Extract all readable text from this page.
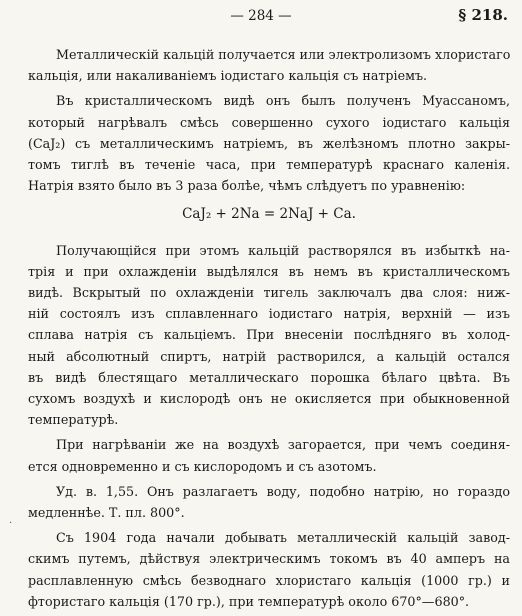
— 284 —	§ 218.
Металлическій кальцій получается или электролизомъ хлористаго
кальція, или накаливаніемъ іодистаго кальція съ натріемъ.
Въ кристаллическомъ видѣ онъ былъ полученъ Муассаномъ,
который нагрѣвалъ смѣсь совершенно сухого іодистаго кальція
(CaJ₂) съ металлическимъ натріемъ, въ желѣзномъ плотно закры-
томъ тиглѣ въ теченіе часа, при температурѣ краснаго каленія.
Натрія взято было въ 3 раза болѣе, чѣмъ слѣдуетъ по уравненію:
CaJ₂ + 2Na = 2NaJ + Ca.
Получающійся при этомъ кальцій растворялся въ избыткѣ на-
трія и при охлажденіи выдѣлялся въ немъ въ кристаллическомъ
видѣ. Вскрытый по охлажденіи тигель заключалъ два слоя: ниж-
ній состоялъ изъ сплавленнаго іодистаго натрія, верхній — изъ
сплава натрія съ кальціемъ. При внесеніи послѣдняго въ холод-
ный абсолютный спиртъ, натрій растворился, а кальцій остался
въ видѣ блестящаго металлическаго порошка бѣлаго цвѣта. Въ
сухомъ воздухѣ и кислородѣ онъ не окисляется при обыкновенной
температурѣ.
При нагрѣваніи же на воздухѣ загорается, при чемъ соединя-
ется одновременно и съ кислородомъ и съ азотомъ.
Уд. в. 1,55. Онъ разлагаетъ воду, подобно натрію, но гораздо
медленнѣе. Т. пл. 800°.
Съ 1904 года начали добывать металлическій кальцій завод-
скимъ путемъ, дѣйствуя электрическимъ токомъ въ 40 амперъ на
расплавленную смѣсь безводнаго хлористаго кальція (1000 гр.) и
фтористаго кальція (170 гр.), при температурѣ около 670°—680°.
·
